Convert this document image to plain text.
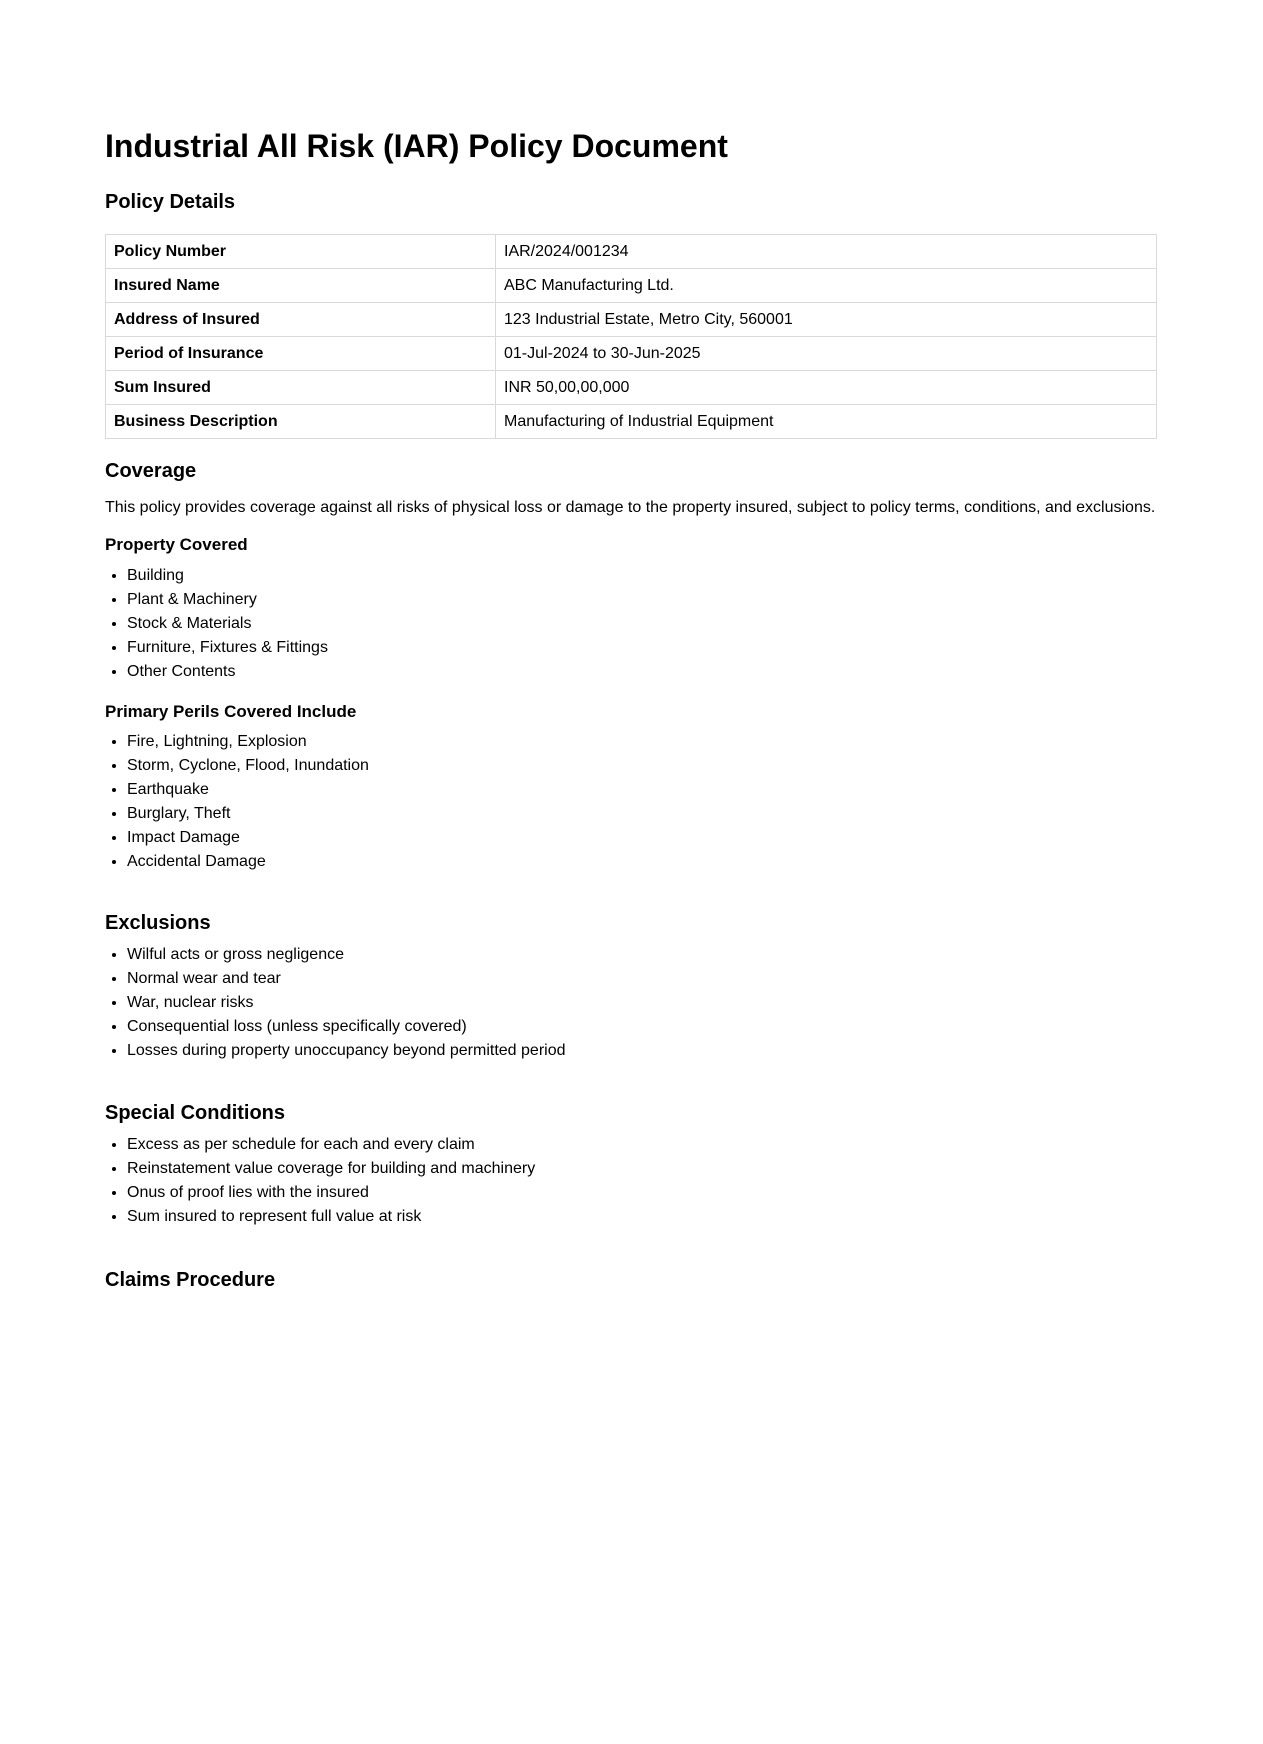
Industrial All Risk (IAR) Policy Document
Policy Details
Policy Number	IAR/2024/001234
Insured Name	ABC Manufacturing Ltd.
Address of Insured	123 Industrial Estate, Metro City, 560001
Period of Insurance	01-Jul-2024 to 30-Jun-2025
Sum Insured	INR 50,00,00,000
Business Description	Manufacturing of Industrial Equipment
Coverage

This policy provides coverage against all risks of physical loss or damage to the property insured, subject to policy terms, conditions, and exclusions.

Property Covered
• Building
• Plant & Machinery
• Stock & Materials
• Furniture, Fixtures & Fittings
• Other Contents
Primary Perils Covered Include
• Fire, Lightning, Explosion
• Storm, Cyclone, Flood, Inundation
• Earthquake
• Burglary, Theft
• Impact Damage
• Accidental Damage
Exclusions
• Wilful acts or gross negligence
• Normal wear and tear
• War, nuclear risks
• Consequential loss (unless specifically covered)
• Losses during property unoccupancy beyond permitted period
Special Conditions
• Excess as per schedule for each and every claim
• Reinstatement value coverage for building and machinery
• Onus of proof lies with the insured
• Sum insured to represent full value at risk
Claims Procedure
